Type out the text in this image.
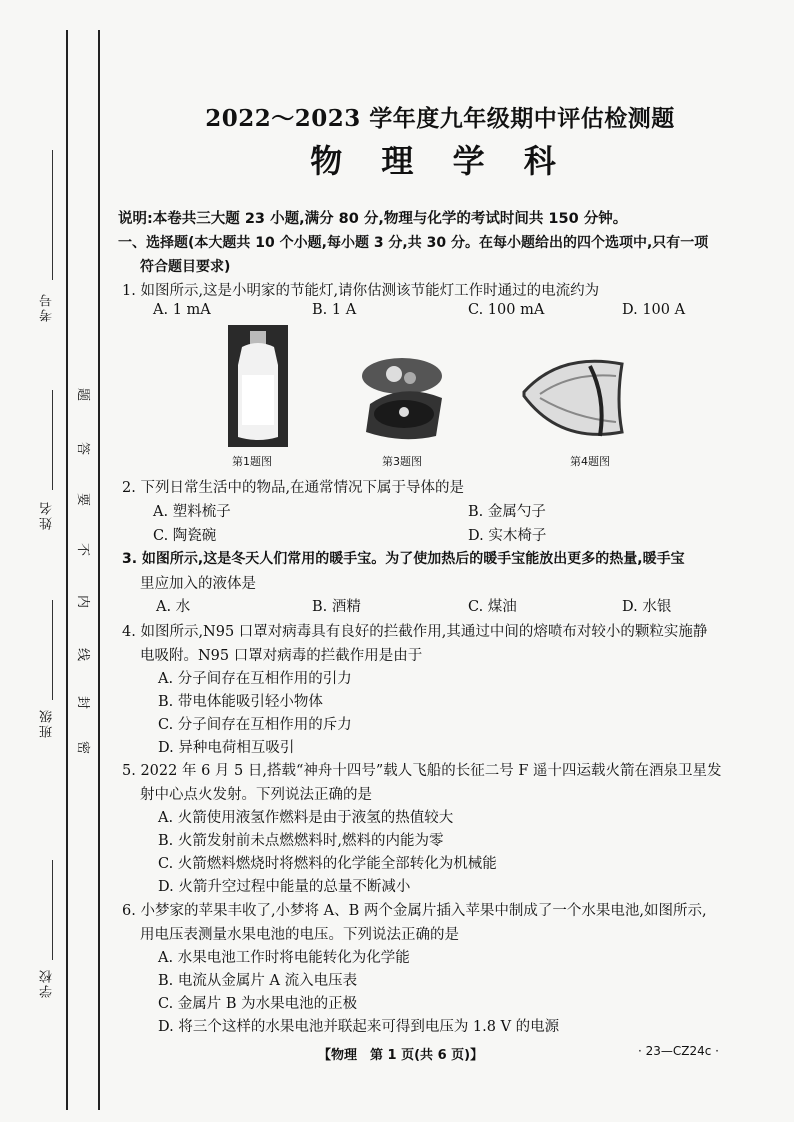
题
答
要
不
内
线
封
密
考号
姓名
班级
学校
2022～2023 学年度九年级期中评估检测题
物 理 学 科
说明:本卷共三大题 23 小题,满分 80 分,物理与化学的考试时间共 150 分钟。
一、选择题(本大题共 10 个小题,每小题 3 分,共 30 分。在每小题给出的四个选项中,只有一项
符合题目要求)
1. 如图所示,这是小明家的节能灯,请你估测该节能灯工作时通过的电流约为
A. 1 mA	B. 1 A	C. 100 mA	D. 100 A
第1题图	第3题图	第4题图
2. 下列日常生活中的物品,在通常情况下属于导体的是
A. 塑料梳子	B. 金属勺子
C. 陶瓷碗	D. 实木椅子
3. 如图所示,这是冬天人们常用的暖手宝。为了使加热后的暖手宝能放出更多的热量,暖手宝
里应加入的液体是
A. 水	B. 酒精	C. 煤油	D. 水银
4. 如图所示,N95 口罩对病毒具有良好的拦截作用,其通过中间的熔喷布对较小的颗粒实施静
电吸附。N95 口罩对病毒的拦截作用是由于
A. 分子间存在互相作用的引力
B. 带电体能吸引轻小物体
C. 分子间存在互相作用的斥力
D. 异种电荷相互吸引
5. 2022 年 6 月 5 日,搭载“神舟十四号”载人飞船的长征二号 F 遥十四运载火箭在酒泉卫星发
射中心点火发射。下列说法正确的是
A. 火箭使用液氢作燃料是由于液氢的热值较大
B. 火箭发射前未点燃燃料时,燃料的内能为零
C. 火箭燃料燃烧时将燃料的化学能全部转化为机械能
D. 火箭升空过程中能量的总量不断减小
6. 小梦家的苹果丰收了,小梦将 A、B 两个金属片插入苹果中制成了一个水果电池,如图所示,
用电压表测量水果电池的电压。下列说法正确的是
A. 水果电池工作时将电能转化为化学能
B. 电流从金属片 A 流入电压表
C. 金属片 B 为水果电池的正极
D. 将三个这样的水果电池并联起来可得到电压为 1.8 V 的电源
【物理　第 1 页(共 6 页)】	· 23—CZ24c ·
